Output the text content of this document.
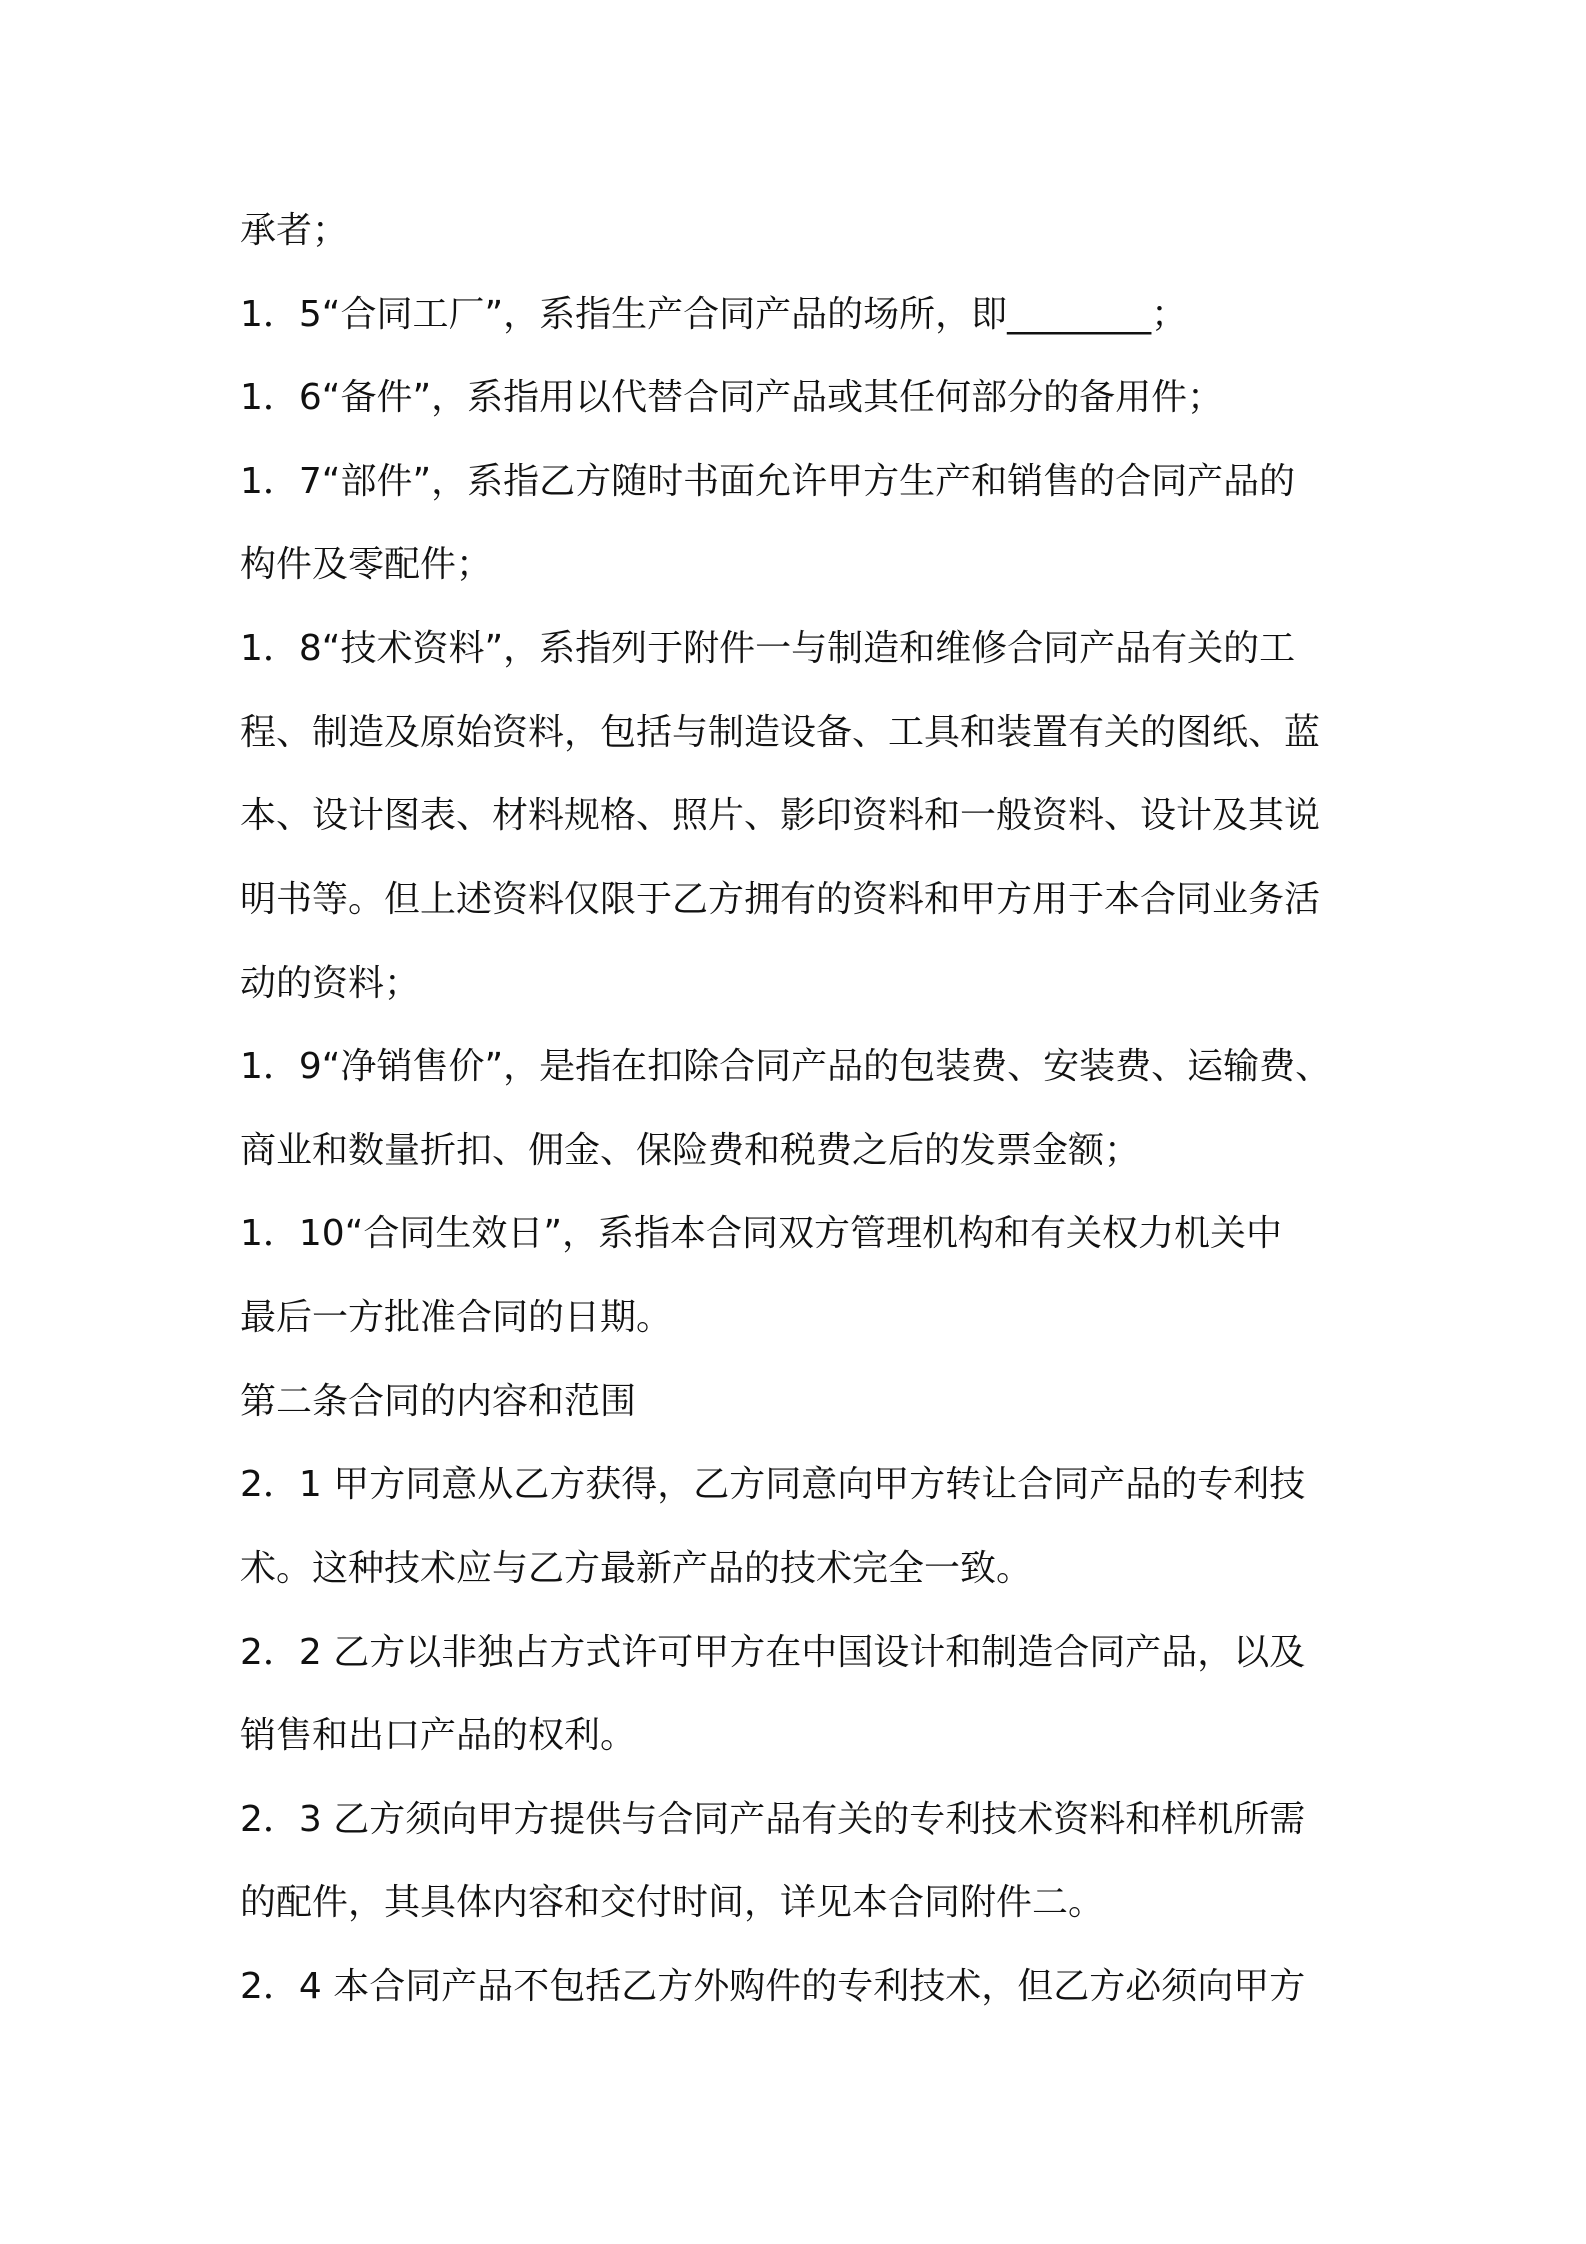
承者；
1．5“合同工厂”，系指生产合同产品的场所，即________；
1．6“备件”，系指用以代替合同产品或其任何部分的备用件；
1．7“部件”，系指乙方随时书面允许甲方生产和销售的合同产品的
构件及零配件；
1．8“技术资料”，系指列于附件一与制造和维修合同产品有关的工
程、制造及原始资料，包括与制造设备、工具和装置有关的图纸、蓝
本、设计图表、材料规格、照片、影印资料和一般资料、设计及其说
明书等。但上述资料仅限于乙方拥有的资料和甲方用于本合同业务活
动的资料；
1．9“净销售价”，是指在扣除合同产品的包装费、安装费、运输费、
商业和数量折扣、佣金、保险费和税费之后的发票金额；
1．10“合同生效日”，系指本合同双方管理机构和有关权力机关中
最后一方批准合同的日期。
第二条合同的内容和范围
2．1 甲方同意从乙方获得，乙方同意向甲方转让合同产品的专利技
术。这种技术应与乙方最新产品的技术完全一致。
2．2 乙方以非独占方式许可甲方在中国设计和制造合同产品，以及
销售和出口产品的权利。
2．3 乙方须向甲方提供与合同产品有关的专利技术资料和样机所需
的配件，其具体内容和交付时间，详见本合同附件二。
2．4 本合同产品不包括乙方外购件的专利技术，但乙方必须向甲方
